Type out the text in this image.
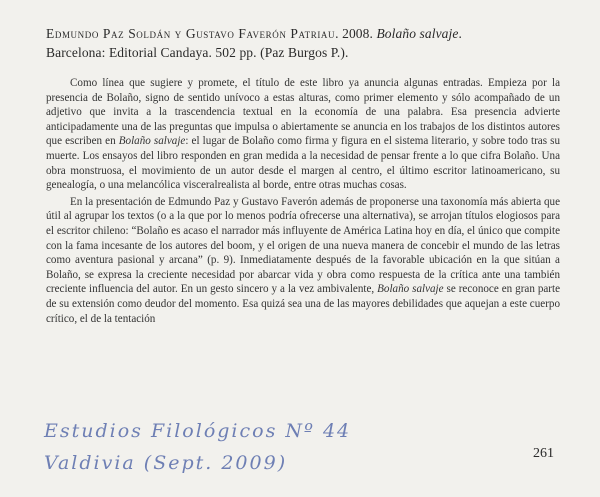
Edmundo Paz Soldán y Gustavo Faverón Patriau. 2008. Bolaño salvaje.
Barcelona: Editorial Candaya. 502 pp. (Paz Burgos P.).

Como línea que sugiere y promete, el título de este libro ya anuncia algunas entradas. Empieza por la presencia de Bolaño, signo de sentido unívoco a estas alturas, como primer elemento y sólo acompañado de un adjetivo que invita a la trascendencia textual en la economía de una palabra. Esa presencia advierte anticipadamente una de las preguntas que impulsa o abiertamente se anuncia en los trabajos de los distintos autores que escriben en Bolaño salvaje: el lugar de Bolaño como firma y figura en el sistema literario, y sobre todo tras su muerte. Los ensayos del libro responden en gran medida a la necesidad de pensar frente a lo que cifra Bolaño. Una obra monstruosa, el movimiento de un autor desde el margen al centro, el último escritor latinoamericano, su genealogía, o una melancólica visceralrealista al borde, entre otras muchas cosas.

En la presentación de Edmundo Paz y Gustavo Faverón además de proponerse una taxonomía más abierta que útil al agrupar los textos (o a la que por lo menos podría ofrecerse una alternativa), se arrojan títulos elogiosos para el escritor chileno: “Bolaño es acaso el narrador más influyente de América Latina hoy en día, el único que compite con la fama incesante de los autores del boom, y el origen de una nueva manera de concebir el mundo de las letras como aventura pasional y arcana” (p. 9). Inmediatamente después de la favorable ubicación en la que sitúan a Bolaño, se expresa la creciente necesidad por abarcar vida y obra como respuesta de la crítica ante una también creciente influencia del autor. En un gesto sincero y a la vez ambivalente, Bolaño salvaje se reconoce en gran parte de su extensión como deudor del momento. Esa quizá sea una de las mayores debilidades que aquejan a este cuerpo crítico, el de la tentación

Estudios Filológicos Nº 44
Valdivia (Sept. 2009)	261
